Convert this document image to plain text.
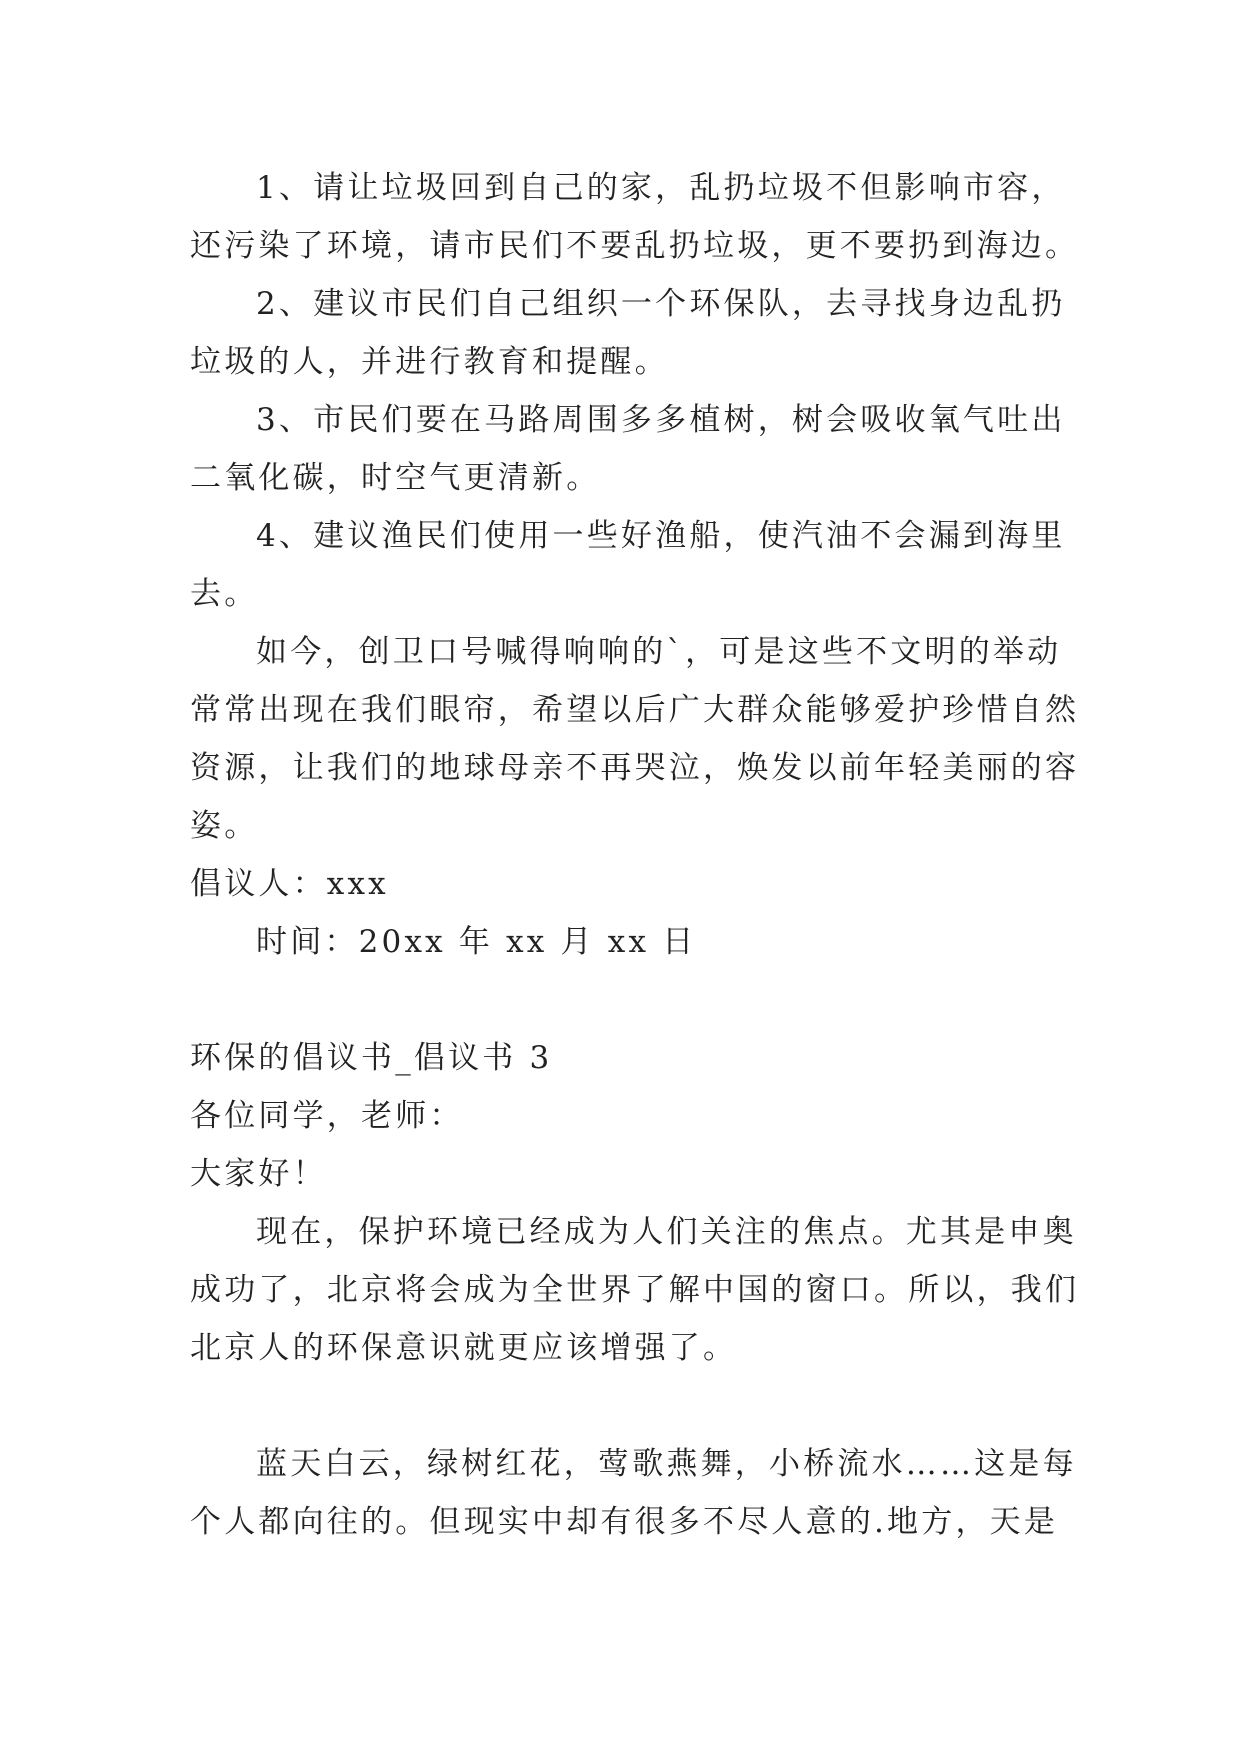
1、请让垃圾回到自己的家，乱扔垃圾不但影响市容，
还污染了环境，请市民们不要乱扔垃圾，更不要扔到海边。
2、建议市民们自己组织一个环保队，去寻找身边乱扔
垃圾的人，并进行教育和提醒。
3、市民们要在马路周围多多植树，树会吸收氧气吐出
二氧化碳，时空气更清新。
4、建议渔民们使用一些好渔船，使汽油不会漏到海里
去。
如今，创卫口号喊得响响的`，可是这些不文明的举动
常常出现在我们眼帘，希望以后广大群众能够爱护珍惜自然
资源，让我们的地球母亲不再哭泣，焕发以前年轻美丽的容
姿。
倡议人：xxx
时间：20xx 年 xx 月 xx 日
环保的倡议书_倡议书 3
各位同学，老师：
大家好！
现在，保护环境已经成为人们关注的焦点。尤其是申奥
成功了，北京将会成为全世界了解中国的窗口。所以，我们
北京人的环保意识就更应该增强了。
蓝天白云，绿树红花，莺歌燕舞，小桥流水……这是每
个人都向往的。但现实中却有很多不尽人意的.地方，天是
